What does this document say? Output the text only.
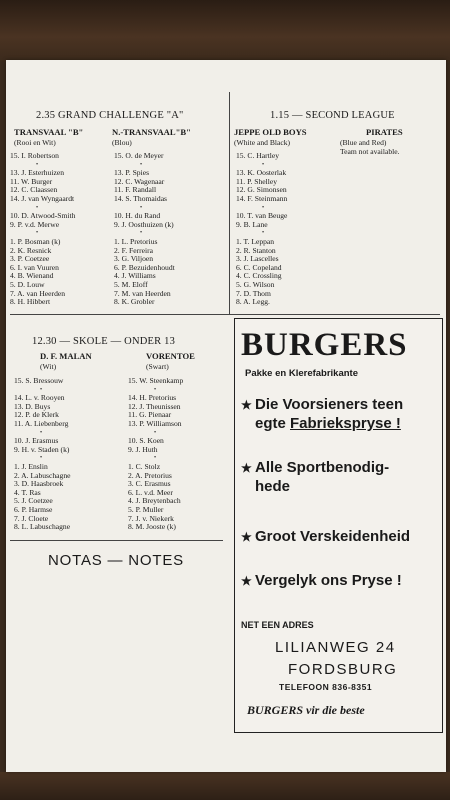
2.35 GRAND CHALLENGE "A"
TRANSVAAL "B"
(Rooi en Wit)
N.-TRANSVAAL"B"
(Blou)
15. I. Robertson
•
13. J. Esterhuizen
11. W. Burger
12. C. Claassen
14. J. van Wyngaardt
•
10. D. Atwood-Smith
9. P. v.d. Merwe
•
1. P. Bosman (k)
2. K. Resnick
3. P. Coetzee
6. I. van Vuuren
4. B. Wienand
5. D. Louw
7. A. van Heerden
8. H. Hibbert
15. O. de Meyer
•
13. P. Spies
12. C. Wagenaar
11. F. Randall
14. S. Thomaidas
•
10. H. du Rand
9. J. Oosthuizen (k)
•
1. L. Pretorius
2. F. Ferreira
3. G. Viljoen
6. P. Bezuidenhoudt
4. J. Williams
5. M. Eloff
7. M. van Heerden
8. K. Grobler
1.15 — SECOND LEAGUE
JEPPE OLD BOYS
(White and Black)
PIRATES
(Blue and Red)
Team not available.
15. C. Hartley
•
13. K. Oosterlak
11. P. Shelley
12. G. Simonsen
14. F. Steinmann
•
10. T. van Beuge
9. B. Lane
•
1. T. Leppan
2. R. Stanton
3. J. Lascelles
6. C. Copeland
4. C. Crossling
5. G. Wilson
7. D. Thom
8. A. Legg.
12.30 — SKOLE — ONDER 13
D. F. MALAN
(Wit)
VORENTOE
(Swart)
15. S. Bressouw
•
14. L. v. Rooyen
13. D. Buys
12. P. de Klerk
11. A. Liebenberg
•
10. J. Erasmus
9. H. v. Staden (k)
•
1. J. Enslin
2. A. Labuschagne
3. D. Haasbroek
4. T. Ras
5. J. Coetzee
6. P. Harmse
7. J. Cloete
8. L. Labuschagne
15. W. Steenkamp
•
14. H. Pretorius
12. J. Theunissen
11. G. Pienaar
13. P. Williamson
•
10. S. Koen
9. J. Huth
•
1. C. Stolz
2. A. Pretorius
3. C. Erasmus
6. L. v.d. Meer
4. J. Breytenbach
5. P. Muller
7. J. v. Niekerk
8. M. Jooste (k)
NOTAS — NOTES
BURGERS
Pakke en Klerefabrikante
★ Die Voorsieners teen
egte Fabriekspryse !
★ Alle Sportbenodig-
hede
★ Groot Verskeidenheid
★ Vergelyk ons Pryse !
NET EEN ADRES
LILIANWEG 24
FORDSBURG
TELEFOON 836-8351
BURGERS vir die beste
